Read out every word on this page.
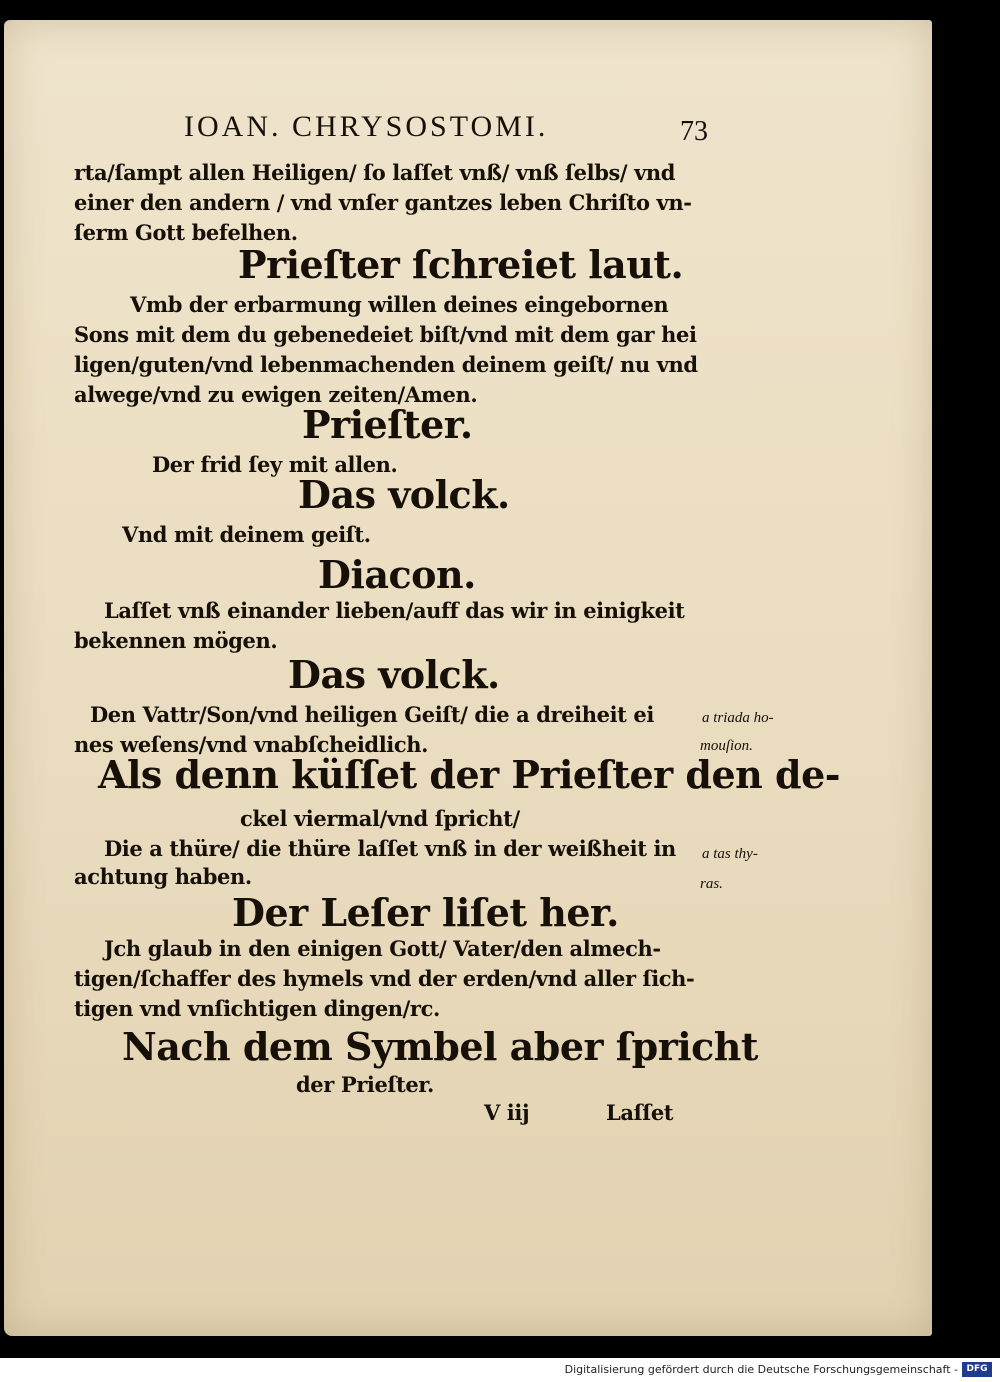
IOAN. CHRYSOSTOMI.	73
rta/ſampt allen Heiligen/ ſo laſſet vnß/ vnß ſelbs/ vnd
einer den andern / vnd vnſer gantzes leben Chriſto vn-
ſerm Gott befelhen.
Prieſter ſchreiet laut.
Vmb der erbarmung willen deines eingebornen
Sons mit dem du gebenedeiet biſt/vnd mit dem gar hei
ligen/guten/vnd lebenmachenden deinem geiſt/ nu vnd
alwege/vnd zu ewigen zeiten/Amen.
Prieſter.
Der frid ſey mit allen.
Das volck.
Vnd mit deinem geiſt.
Diacon.
Laſſet vnß einander lieben/auff das wir in einigkeit
bekennen mögen.
Das volck.
Den Vattr/Son/vnd heiligen Geiſt/ die a dreiheit ei
nes weſens/vnd vnabſcheidlich.
Als denn küſſet der Prieſter den de-
ckel viermal/vnd ſpricht/
Die a thüre/ die thüre laſſet vnß in der weißheit in
achtung haben.
Der Leſer liſet her.
Jch glaub in den einigen Gott/ Vater/den almech-
tigen/ſchaffer des hymels vnd der erden/vnd aller ſich-
tigen vnd vnſichtigen dingen/rc.
Nach dem Symbel aber ſpricht
der Prieſter.
V iij	Laſſet
a triada ho-
mouſion.
a tas thy-
ras.
Digitalisierung gefördert durch die Deutsche Forschungsgemeinschaft - DFG
